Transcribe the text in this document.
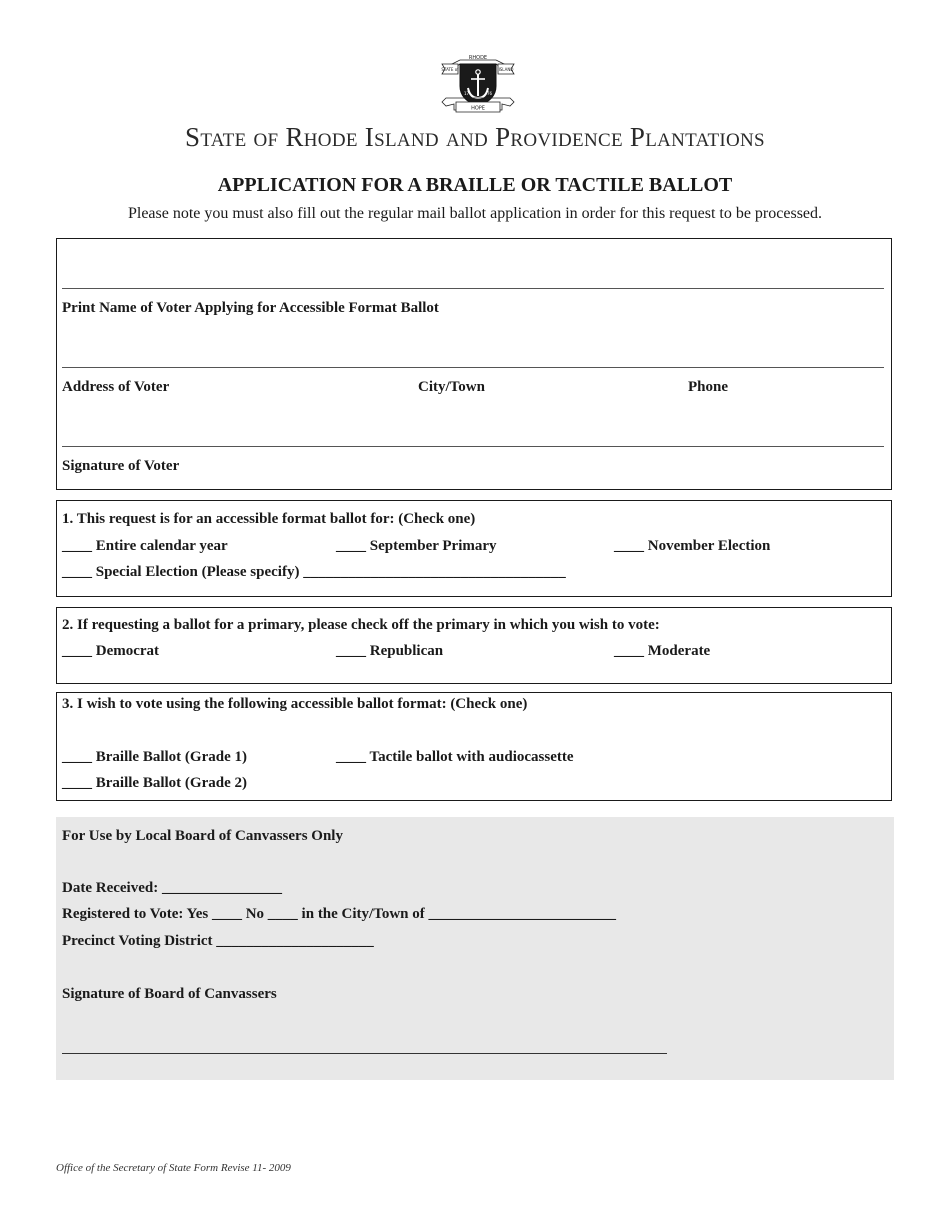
RHODE
STATE of	ISLAND
17	76
HOPE
State of Rhode Island and Providence Plantations
APPLICATION FOR A BRAILLE OR TACTILE BALLOT
Please note you must also fill out the regular mail ballot application in order for this request to be processed.
Print Name of Voter Applying for Accessible Format Ballot
Address of Voter	City/Town	Phone
Signature of Voter
1. This request is for an accessible format ballot for: (Check one)
____ Entire calendar year	____ September Primary	____ November Election
____ Special Election (Please specify) ___________________________________
2. If requesting a ballot for a primary, please check off the primary in which you wish to vote:
____ Democrat	____ Republican	____ Moderate
3. I wish to vote using the following accessible ballot format: (Check one)
____ Braille Ballot (Grade 1)	____ Tactile ballot with audiocassette
____ Braille Ballot (Grade 2)
For Use by Local Board of Canvassers Only
Date Received: ________________
Registered to Vote: Yes ____ No ____ in the City/Town of _________________________
Precinct Voting District _____________________
Signature of Board of Canvassers
Office of the Secretary of State Form Revise 11- 2009
